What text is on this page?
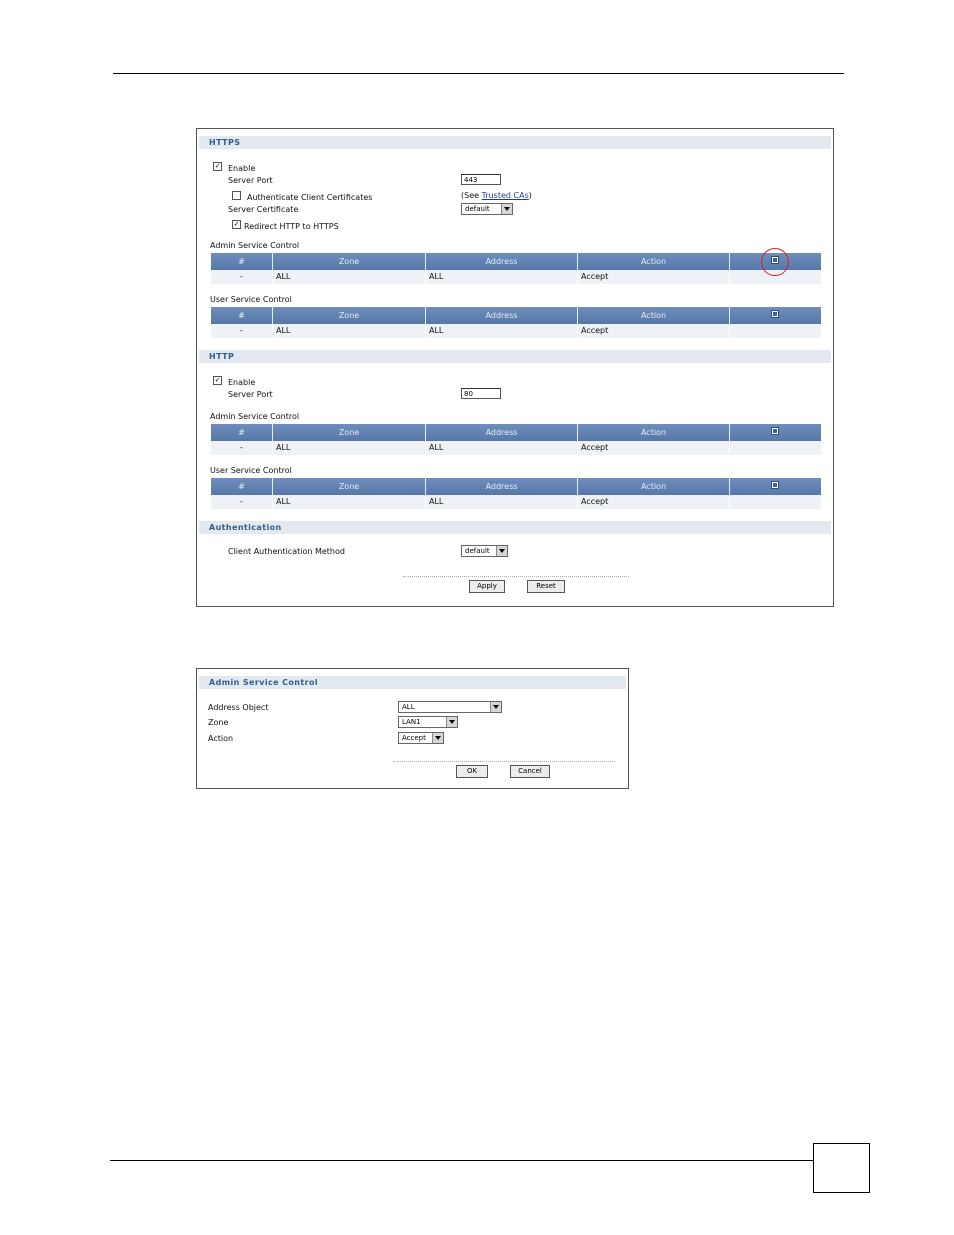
HTTPS
✓ Enable
Server Port	443
Authenticate Client Certificates	(See Trusted CAs)
Server Certificate	default
✓ Redirect HTTP to HTTPS
Admin Service Control
#	Zone	Address	Action
-	ALL	ALL	Accept
User Service Control
#	Zone	Address	Action
-	ALL	ALL	Accept
HTTP
✓ Enable
Server Port	80
Admin Service Control
#	Zone	Address	Action
-	ALL	ALL	Accept
User Service Control
#	Zone	Address	Action
-	ALL	ALL	Accept
Authentication
Client Authentication Method	default
Apply	Reset
Admin Service Control
Address Object	ALL
Zone	LAN1
Action	Accept
OK	Cancel
